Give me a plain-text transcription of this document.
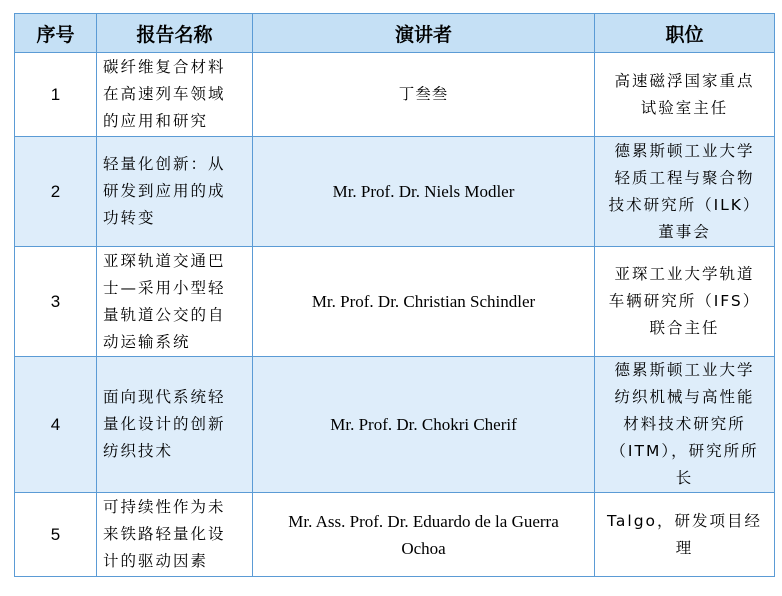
序号	报告名称	演讲者	职位
1	碳纤维复合材料
在高速列车领域
的应用和研究	丁叁叁	高速磁浮国家重点
试验室主任

2	轻量化创新：从
研发到应用的成
功转变	Mr. Prof. Dr. Niels Modler	德累斯顿工业大学
轻质工程与聚合物
技术研究所（ILK）
董事会

3	亚琛轨道交通巴
士—采用小型轻
量轨道公交的自
动运输系统	Mr. Prof. Dr. Christian Schindler	亚琛工业大学轨道
车辆研究所（IFS）
联合主任

4	面向现代系统轻
量化设计的创新
纺织技术	Mr. Prof. Dr. Chokri Cherif	德累斯顿工业大学
纺织机械与高性能
材料技术研究所
（ITM），研究所所
长

5	可持续性作为未
来铁路轻量化设
计的驱动因素	Mr. Ass. Prof. Dr. Eduardo de la Guerra
Ochoa	Talgo，研发项目经
理
